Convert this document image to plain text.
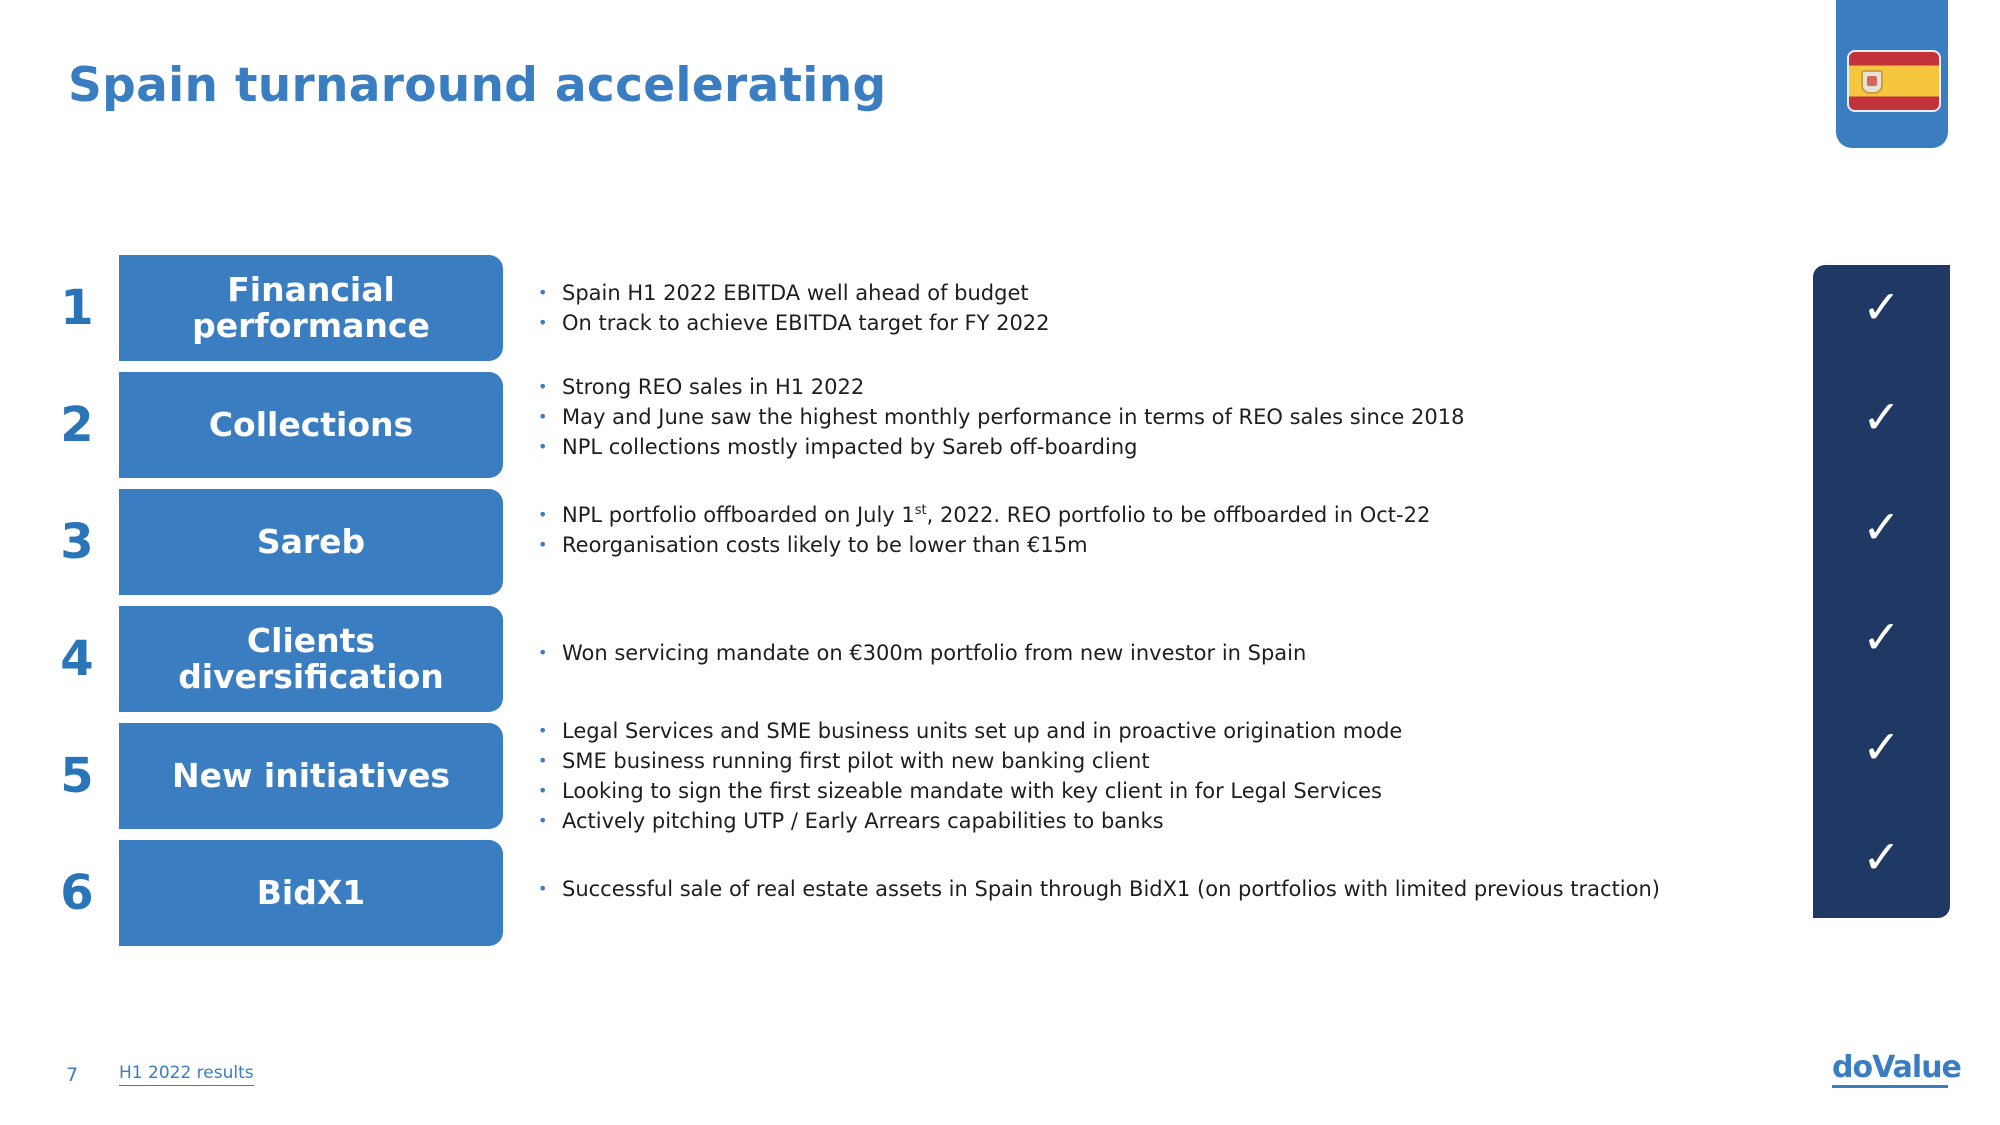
Spain turnaround accelerating
1	Financial performance
• Spain H1 2022 EBITDA well ahead of budget
• On track to achieve EBITDA target for FY 2022
2	Collections
• Strong REO sales in H1 2022
• May and June saw the highest monthly performance in terms of REO sales since 2018
• NPL collections mostly impacted by Sareb off-boarding
3	Sareb
• NPL portfolio offboarded on July 1st, 2022. REO portfolio to be offboarded in Oct-22
• Reorganisation costs likely to be lower than €15m
4	Clients diversification
• Won servicing mandate on €300m portfolio from new investor in Spain
5	New initiatives
• Legal Services and SME business units set up and in proactive origination mode
• SME business running first pilot with new banking client
• Looking to sign the first sizeable mandate with key client in for Legal Services
• Actively pitching UTP / Early Arrears capabilities to banks
6	BidX1
•	Successful sale of real estate assets in Spain through BidX1 (on portfolios with limited previous traction)
✓
✓
✓
✓
✓
✓
7 H1 2022 results	doValue
